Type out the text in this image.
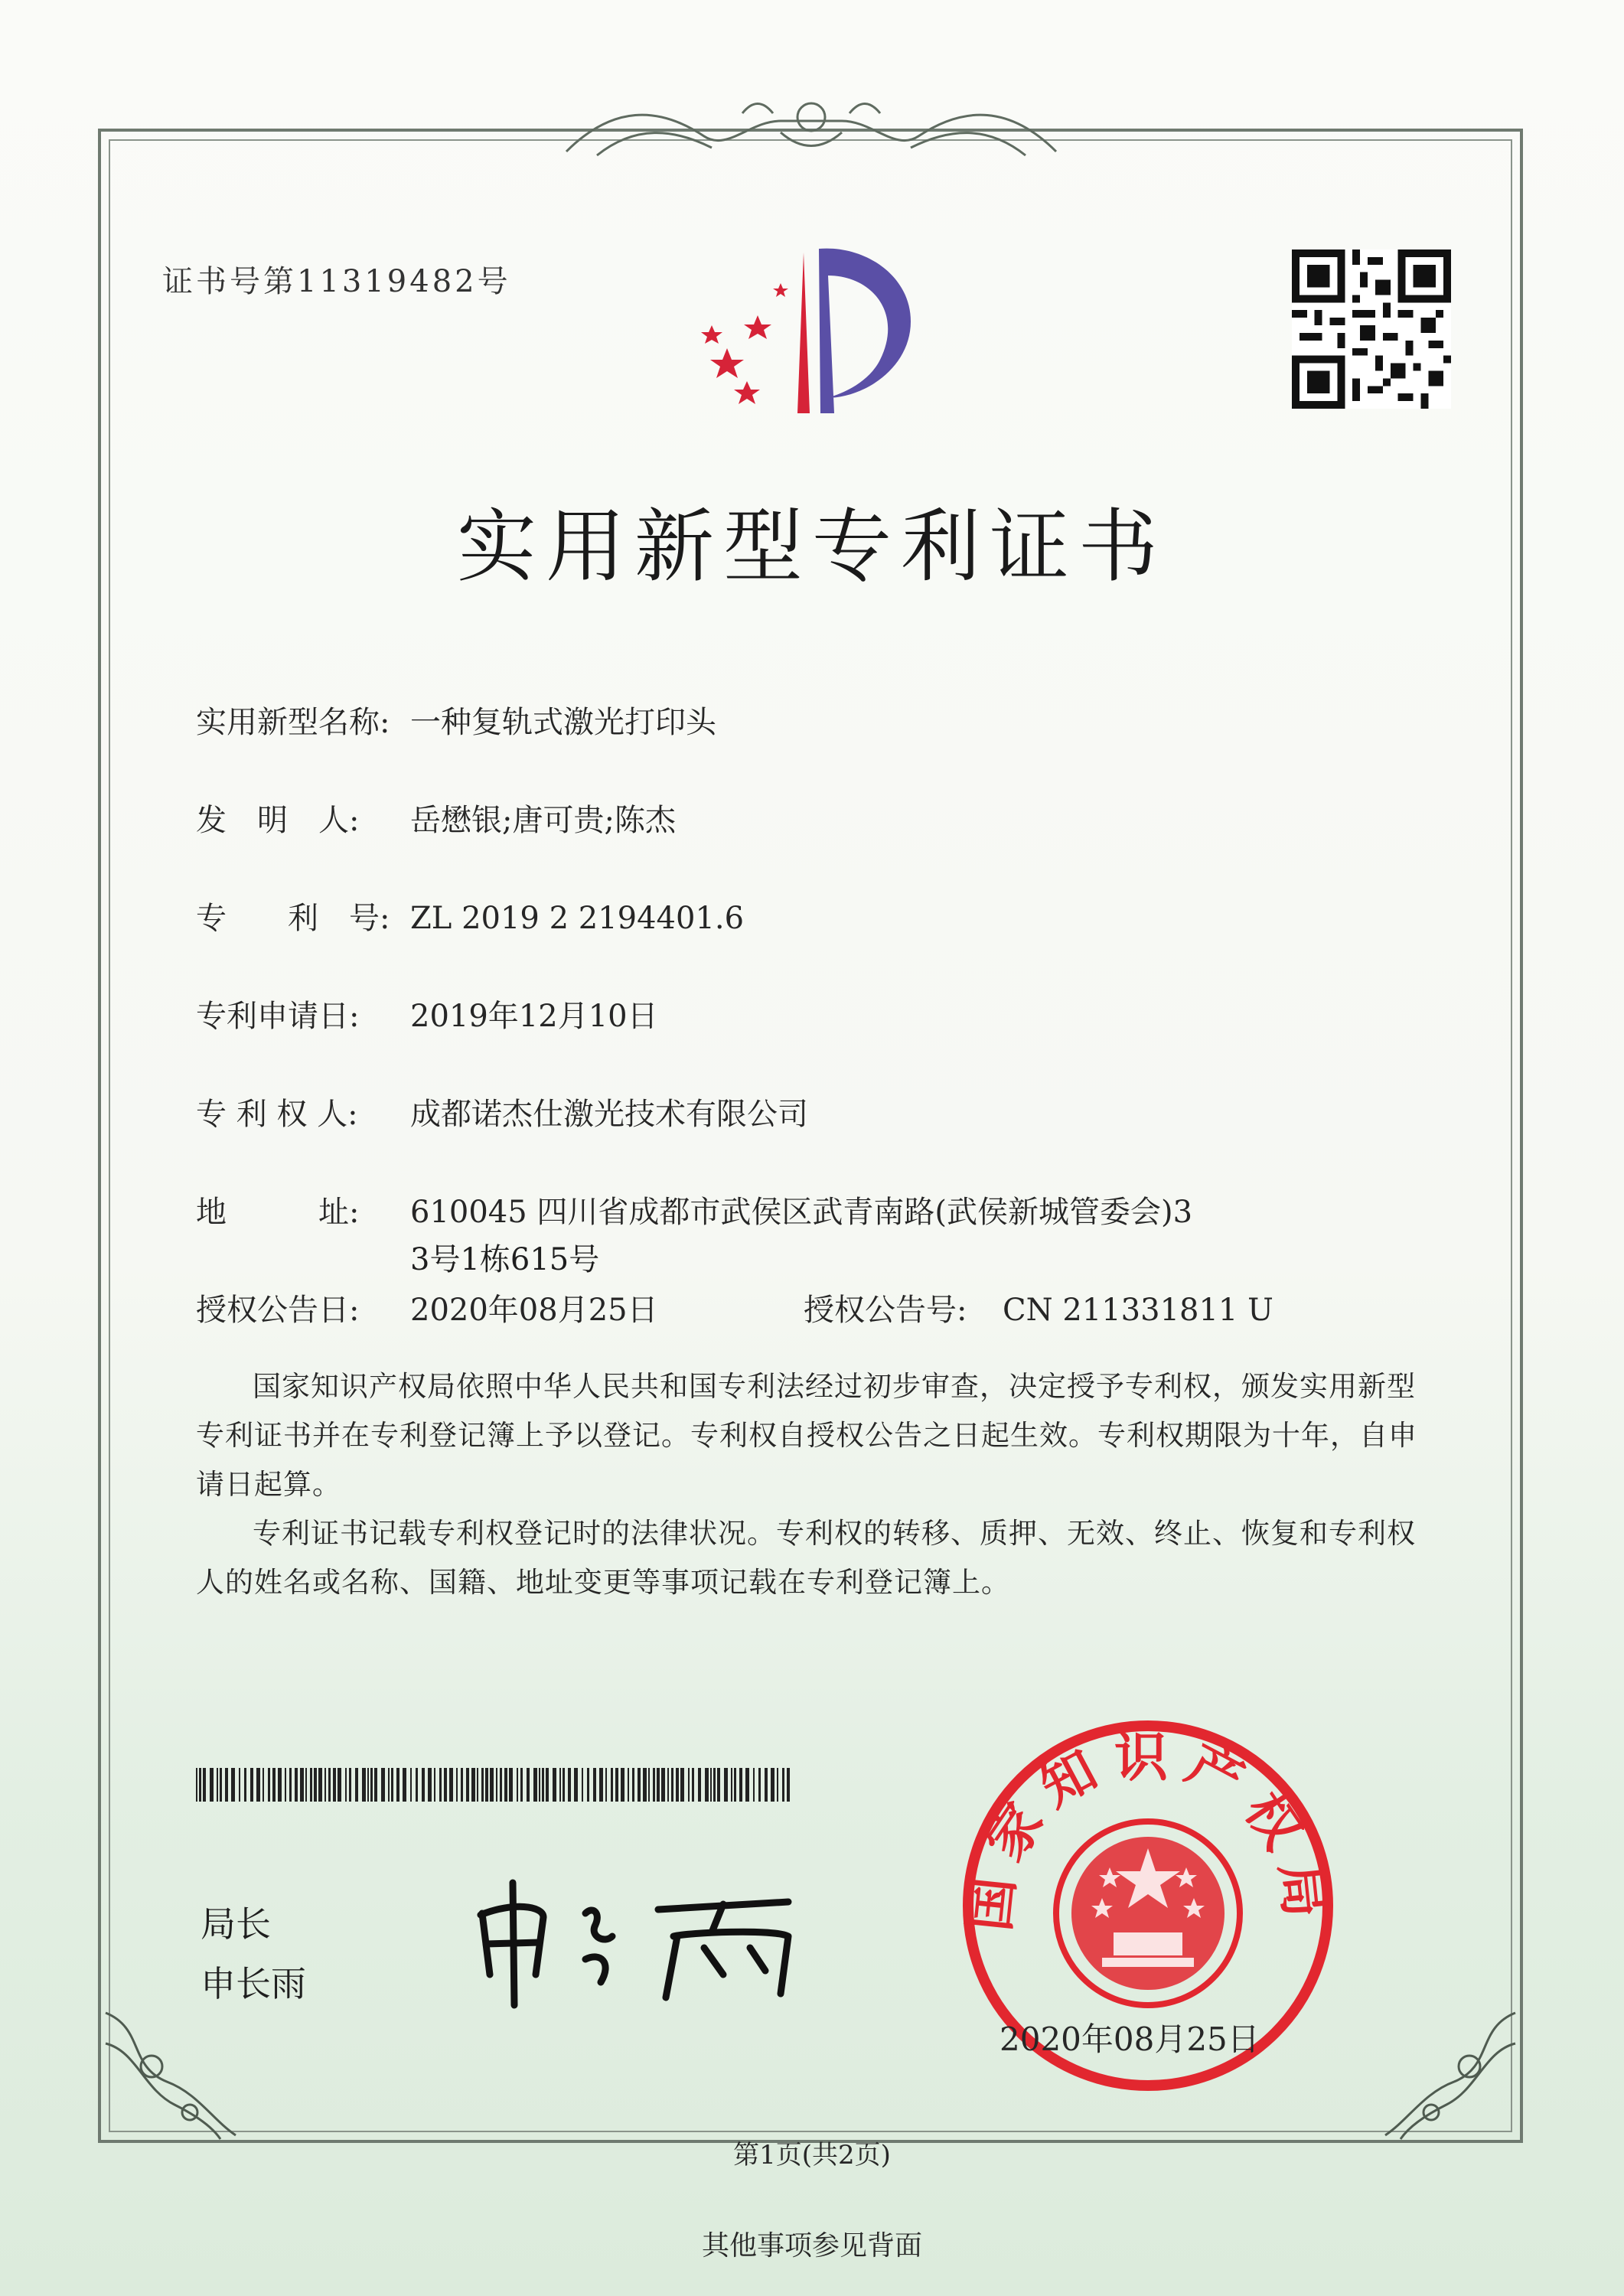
证书号第11319482号
实用新型专利证书
实用新型名称: 一种复轨式激光打印头
发　明　人: 岳懋银;唐可贵;陈杰
专　　利　号: ZL 2019 2 2194401.6
专利申请日: 2019年12月10日
专 利 权 人: 成都诺杰仕激光技术有限公司
地　　　址: 610045 四川省成都市武侯区武青南路(武侯新城管委会)3
3号1栋615号
授权公告日: 2020年08月25日	授权公告号: CN 211331811 U

国家知识产权局依照中华人民共和国专利法经过初步审查，决定授予专利权，颁发实用新型专利证书并在专利登记簿上予以登记。专利权自授权公告之日起生效。专利权期限为十年，自申请日起算。

专利证书记载专利权登记时的法律状况。专利权的转移、质押、无效、终止、恢复和专利权人的姓名或名称、国籍、地址变更等事项记载在专利登记簿上。

局长
申长雨
国家知识产权局
2020年08月25日
第1页(共2页)
其他事项参见背面
